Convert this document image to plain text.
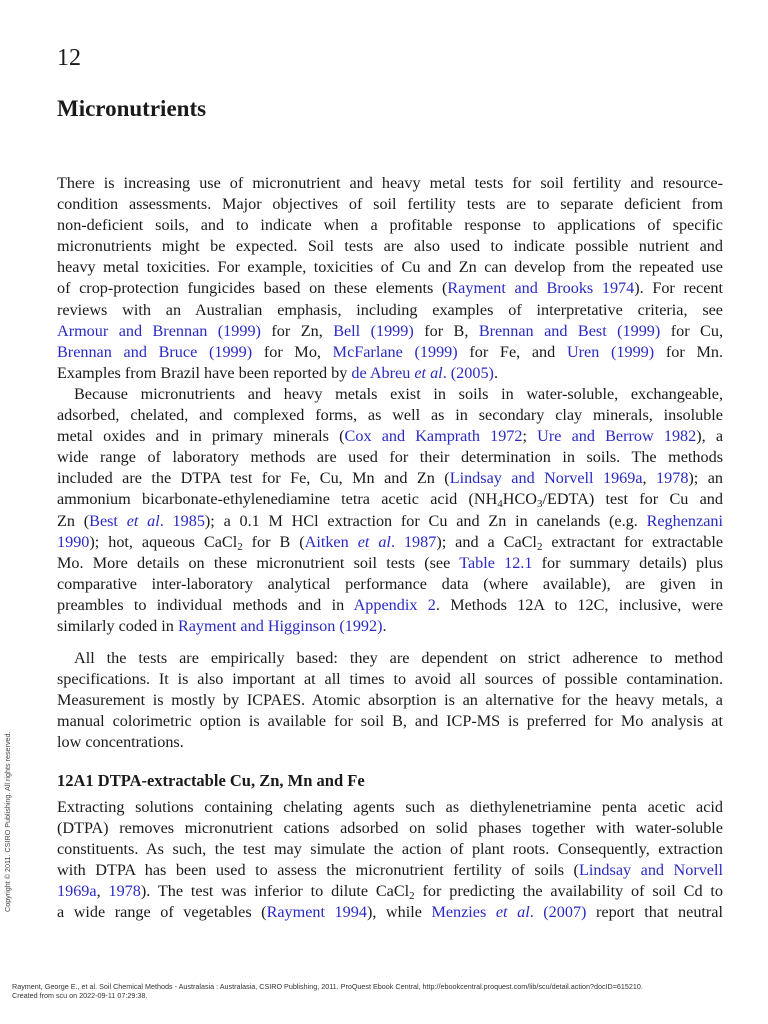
12
Micronutrients
There is increasing use of micronutrient and heavy metal tests for soil fertility and resource-
condition assessments. Major objectives of soil fertility tests are to separate deficient from
non-deficient soils, and to indicate when a profitable response to applications of specific
micronutrients might be expected. Soil tests are also used to indicate possible nutrient and
heavy metal toxicities. For example, toxicities of Cu and Zn can develop from the repeated use
of crop-protection fungicides based on these elements (Rayment and Brooks 1974). For recent
reviews with an Australian emphasis, including examples of interpretative criteria, see
Armour and Brennan (1999) for Zn, Bell (1999) for B, Brennan and Best (1999) for Cu,
Brennan and Bruce (1999) for Mo, McFarlane (1999) for Fe, and Uren (1999) for Mn.
Examples from Brazil have been reported by de Abreu et al. (2005).
Because micronutrients and heavy metals exist in soils in water-soluble, exchangeable,
adsorbed, chelated, and complexed forms, as well as in secondary clay minerals, insoluble
metal oxides and in primary minerals (Cox and Kamprath 1972; Ure and Berrow 1982), a
wide range of laboratory methods are used for their determination in soils. The methods
included are the DTPA test for Fe, Cu, Mn and Zn (Lindsay and Norvell 1969a, 1978); an
ammonium bicarbonate-ethylenediamine tetra acetic acid $(NH_4HCO_3/EDTA)$ test for Cu and
Zn (Best et al. 1985); a 0.1 M HCl extraction for Cu and Zn in canelands (e.g. Reghenzani
1990); hot, aqueous CaCl$_2$ for B (Aitken et al. 1987); and a CaCl$_2$ extractant for extractable
Mo. More details on these micronutrient soil tests (see Table 12.1 for summary details) plus
comparative inter-laboratory analytical performance data (where available), are given in
preambles to individual methods and in Appendix 2. Methods 12A to 12C, inclusive, were
similarly coded in Rayment and Higginson (1992).
All the tests are empirically based: they are dependent on strict adherence to method
specifications. It is also important at all times to avoid all sources of possible contamination.
Measurement is mostly by ICPAES. Atomic absorption is an alternative for the heavy metals, a
manual colorimetric option is available for soil B, and ICP-MS is preferred for Mo analysis at
low concentrations.
12A1 DTPA-extractable Cu, Zn, Mn and Fe
Extracting solutions containing chelating agents such as diethylenetriamine penta acetic acid
(DTPA) removes micronutrient cations adsorbed on solid phases together with water-soluble
constituents. As such, the test may simulate the action of plant roots. Consequently, extraction
with DTPA has been used to assess the micronutrient fertility of soils (Lindsay and Norvell
1969a, 1978). The test was inferior to dilute CaCl$_2$ for predicting the availability of soil Cd to
a wide range of vegetables (Rayment 1994), while Menzies et al. (2007) report that neutral
Copyright © 2011. CSIRO Publishing. All rights reserved.
Rayment, George E., et al. Soil Chemical Methods - Australasia : Australasia, CSIRO Publishing, 2011. ProQuest Ebook Central, http://ebookcentral.proquest.com/lib/scu/detail.action?docID=615210.
Created from scu on 2022-09-11 07:29:38.
